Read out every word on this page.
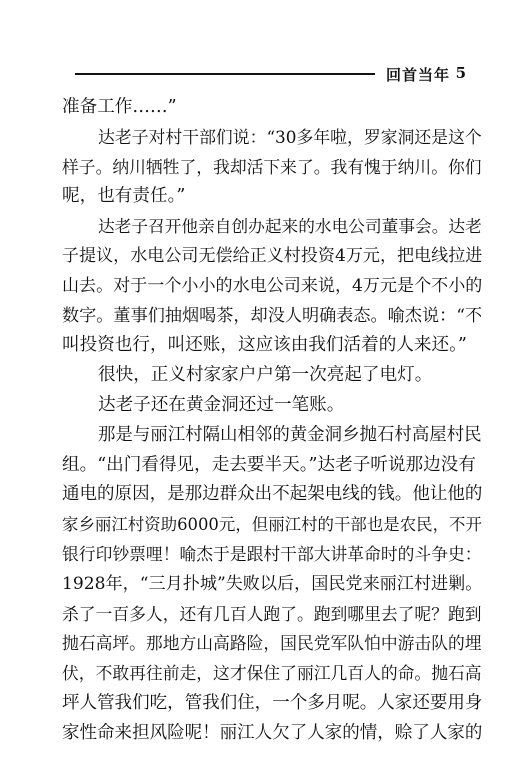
回首当年 5
准备工作……”
达老子对村干部们说：“30多年啦，罗家洞还是这个
样子。纳川牺牲了，我却活下来了。我有愧于纳川。你们
呢，也有责任。”
达老子召开他亲自创办起来的水电公司董事会。达老
子提议，水电公司无偿给正义村投资4万元，把电线拉进
山去。对于一个小小的水电公司来说，4万元是个不小的
数字。董事们抽烟喝茶，却没人明确表态。喻杰说：“不
叫投资也行，叫还账，这应该由我们活着的人来还。”
很快，正义村家家户户第一次亮起了电灯。
达老子还在黄金洞还过一笔账。
那是与丽江村隔山相邻的黄金洞乡抛石村高屋村民
组。“出门看得见，走去要半天。”达老子听说那边没有
通电的原因，是那边群众出不起架电线的钱。他让他的
家乡丽江村资助6000元，但丽江村的干部也是农民，不开
银行印钞票哩！喻杰于是跟村干部大讲革命时的斗争史：
1928年，“三月扑城”失败以后，国民党来丽江村进剿。
杀了一百多人，还有几百人跑了。跑到哪里去了呢？跑到
抛石高坪。那地方山高路险，国民党军队怕中游击队的埋
伏，不敢再往前走，这才保住了丽江几百人的命。抛石高
坪人管我们吃，管我们住，一个多月呢。人家还要用身
家性命来担风险呢！丽江人欠了人家的情，赊了人家的
